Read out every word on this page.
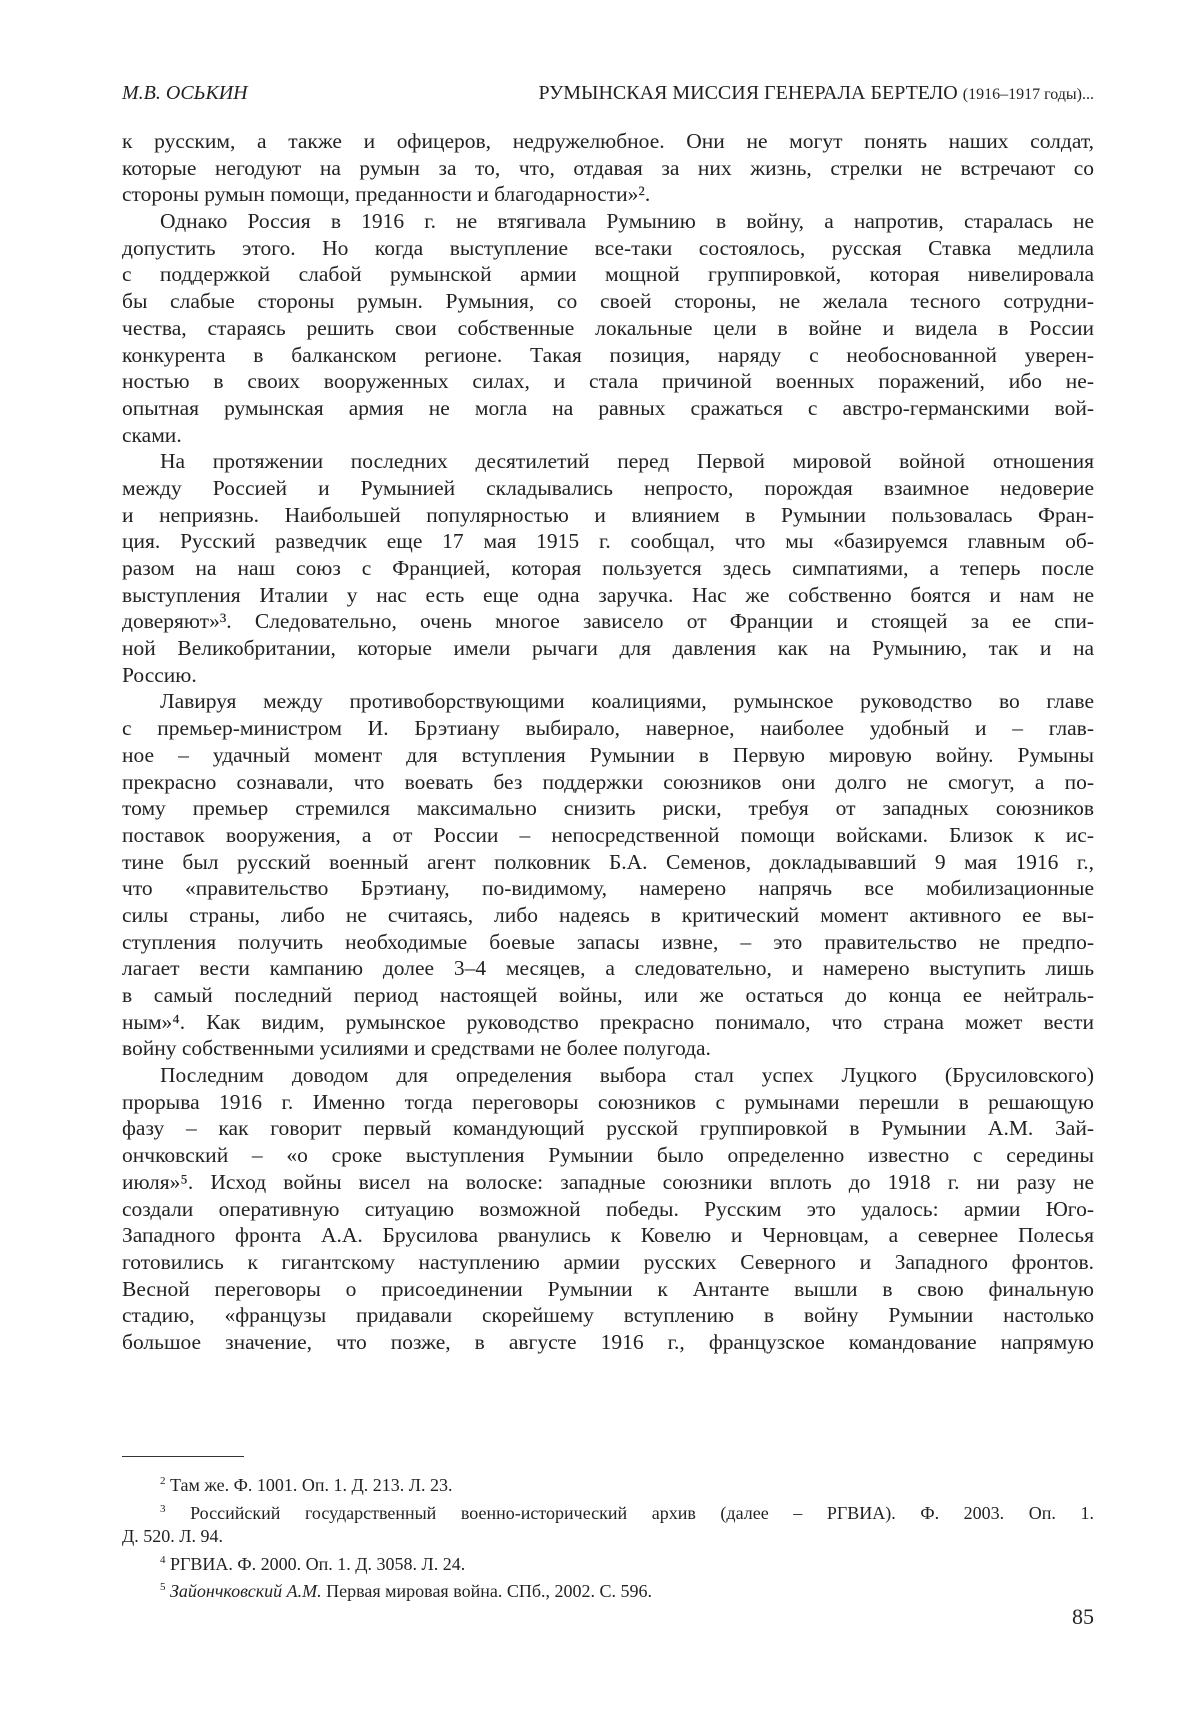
М.В. ОСЬКИН	РУМЫНСКАЯ МИССИЯ ГЕНЕРАЛА БЕРТЕЛО (1916–1917 годы)...
к русским, а также и офицеров, недружелюбное. Они не могут понять наших солдат,
которые негодуют на румын за то, что, отдавая за них жизнь, стрелки не встречают со
стороны румын помощи, преданности и благодарности»².
Однако Россия в 1916 г. не втягивала Румынию в войну, а напротив, старалась не
допустить этого. Но когда выступление все-таки состоялось, русская Ставка медлила
с поддержкой слабой румынской армии мощной группировкой, которая нивелировала
бы слабые стороны румын. Румыния, со своей стороны, не желала тесного сотрудни-
чества, стараясь решить свои собственные локальные цели в войне и видела в России
конкурента в балканском регионе. Такая позиция, наряду с необоснованной уверен-
ностью в своих вооруженных силах, и стала причиной военных поражений, ибо не-
опытная румынская армия не могла на равных сражаться с австро-германскими вой-
сками.
На протяжении последних десятилетий перед Первой мировой войной отношения
между Россией и Румынией складывались непросто, порождая взаимное недоверие
и неприязнь. Наибольшей популярностью и влиянием в Румынии пользовалась Фран-
ция. Русский разведчик еще 17 мая 1915 г. сообщал, что мы «базируемся главным об-
разом на наш союз с Францией, которая пользуется здесь симпатиями, а теперь после
выступления Италии у нас есть еще одна заручка. Нас же собственно боятся и нам не
доверяют»³. Следовательно, очень многое зависело от Франции и стоящей за ее спи-
ной Великобритании, которые имели рычаги для давления как на Румынию, так и на
Россию.
Лавируя между противоборствующими коалициями, румынское руководство во главе
с премьер-министром И. Брэтиану выбирало, наверное, наиболее удобный и – глав-
ное – удачный момент для вступления Румынии в Первую мировую войну. Румыны
прекрасно сознавали, что воевать без поддержки союзников они долго не смогут, а по-
тому премьер стремился максимально снизить риски, требуя от западных союзников
поставок вооружения, а от России – непосредственной помощи войсками. Близок к ис-
тине был русский военный агент полковник Б.А. Семенов, докладывавший 9 мая 1916 г.,
что «правительство Брэтиану, по-видимому, намерено напрячь все мобилизационные
силы страны, либо не считаясь, либо надеясь в критический момент активного ее вы-
ступления получить необходимые боевые запасы извне, – это правительство не предпо-
лагает вести кампанию долее 3–4 месяцев, а следовательно, и намерено выступить лишь
в самый последний период настоящей войны, или же остаться до конца ее нейтраль-
ным»⁴. Как видим, румынское руководство прекрасно понимало, что страна может вести
войну собственными усилиями и средствами не более полугода.
Последним доводом для определения выбора стал успех Луцкого (Брусиловского)
прорыва 1916 г. Именно тогда переговоры союзников с румынами перешли в решающую
фазу – как говорит первый командующий русской группировкой в Румынии А.М. Зай-
ончковский – «о сроке выступления Румынии было определенно известно с середины
июля»⁵. Исход войны висел на волоске: западные союзники вплоть до 1918 г. ни разу не
создали оперативную ситуацию возможной победы. Русским это удалось: армии Юго-
Западного фронта А.А. Брусилова рванулись к Ковелю и Черновцам, а севернее Полесья
готовились к гигантскому наступлению армии русских Северного и Западного фронтов.
Весной переговоры о присоединении Румынии к Антанте вышли в свою финальную
стадию, «французы придавали скорейшему вступлению в войну Румынии настолько
большое значение, что позже, в августе 1916 г., французское командование напрямую
2 Там же. Ф. 1001. Оп. 1. Д. 213. Л. 23.
3 Российский государственный военно-исторический архив (далее – РГВИА). Ф. 2003. Оп. 1.
Д. 520. Л. 94.
4 РГВИА. Ф. 2000. Оп. 1. Д. 3058. Л. 24.
5 Зайончковский А.М. Первая мировая война. СПб., 2002. С. 596.
85
